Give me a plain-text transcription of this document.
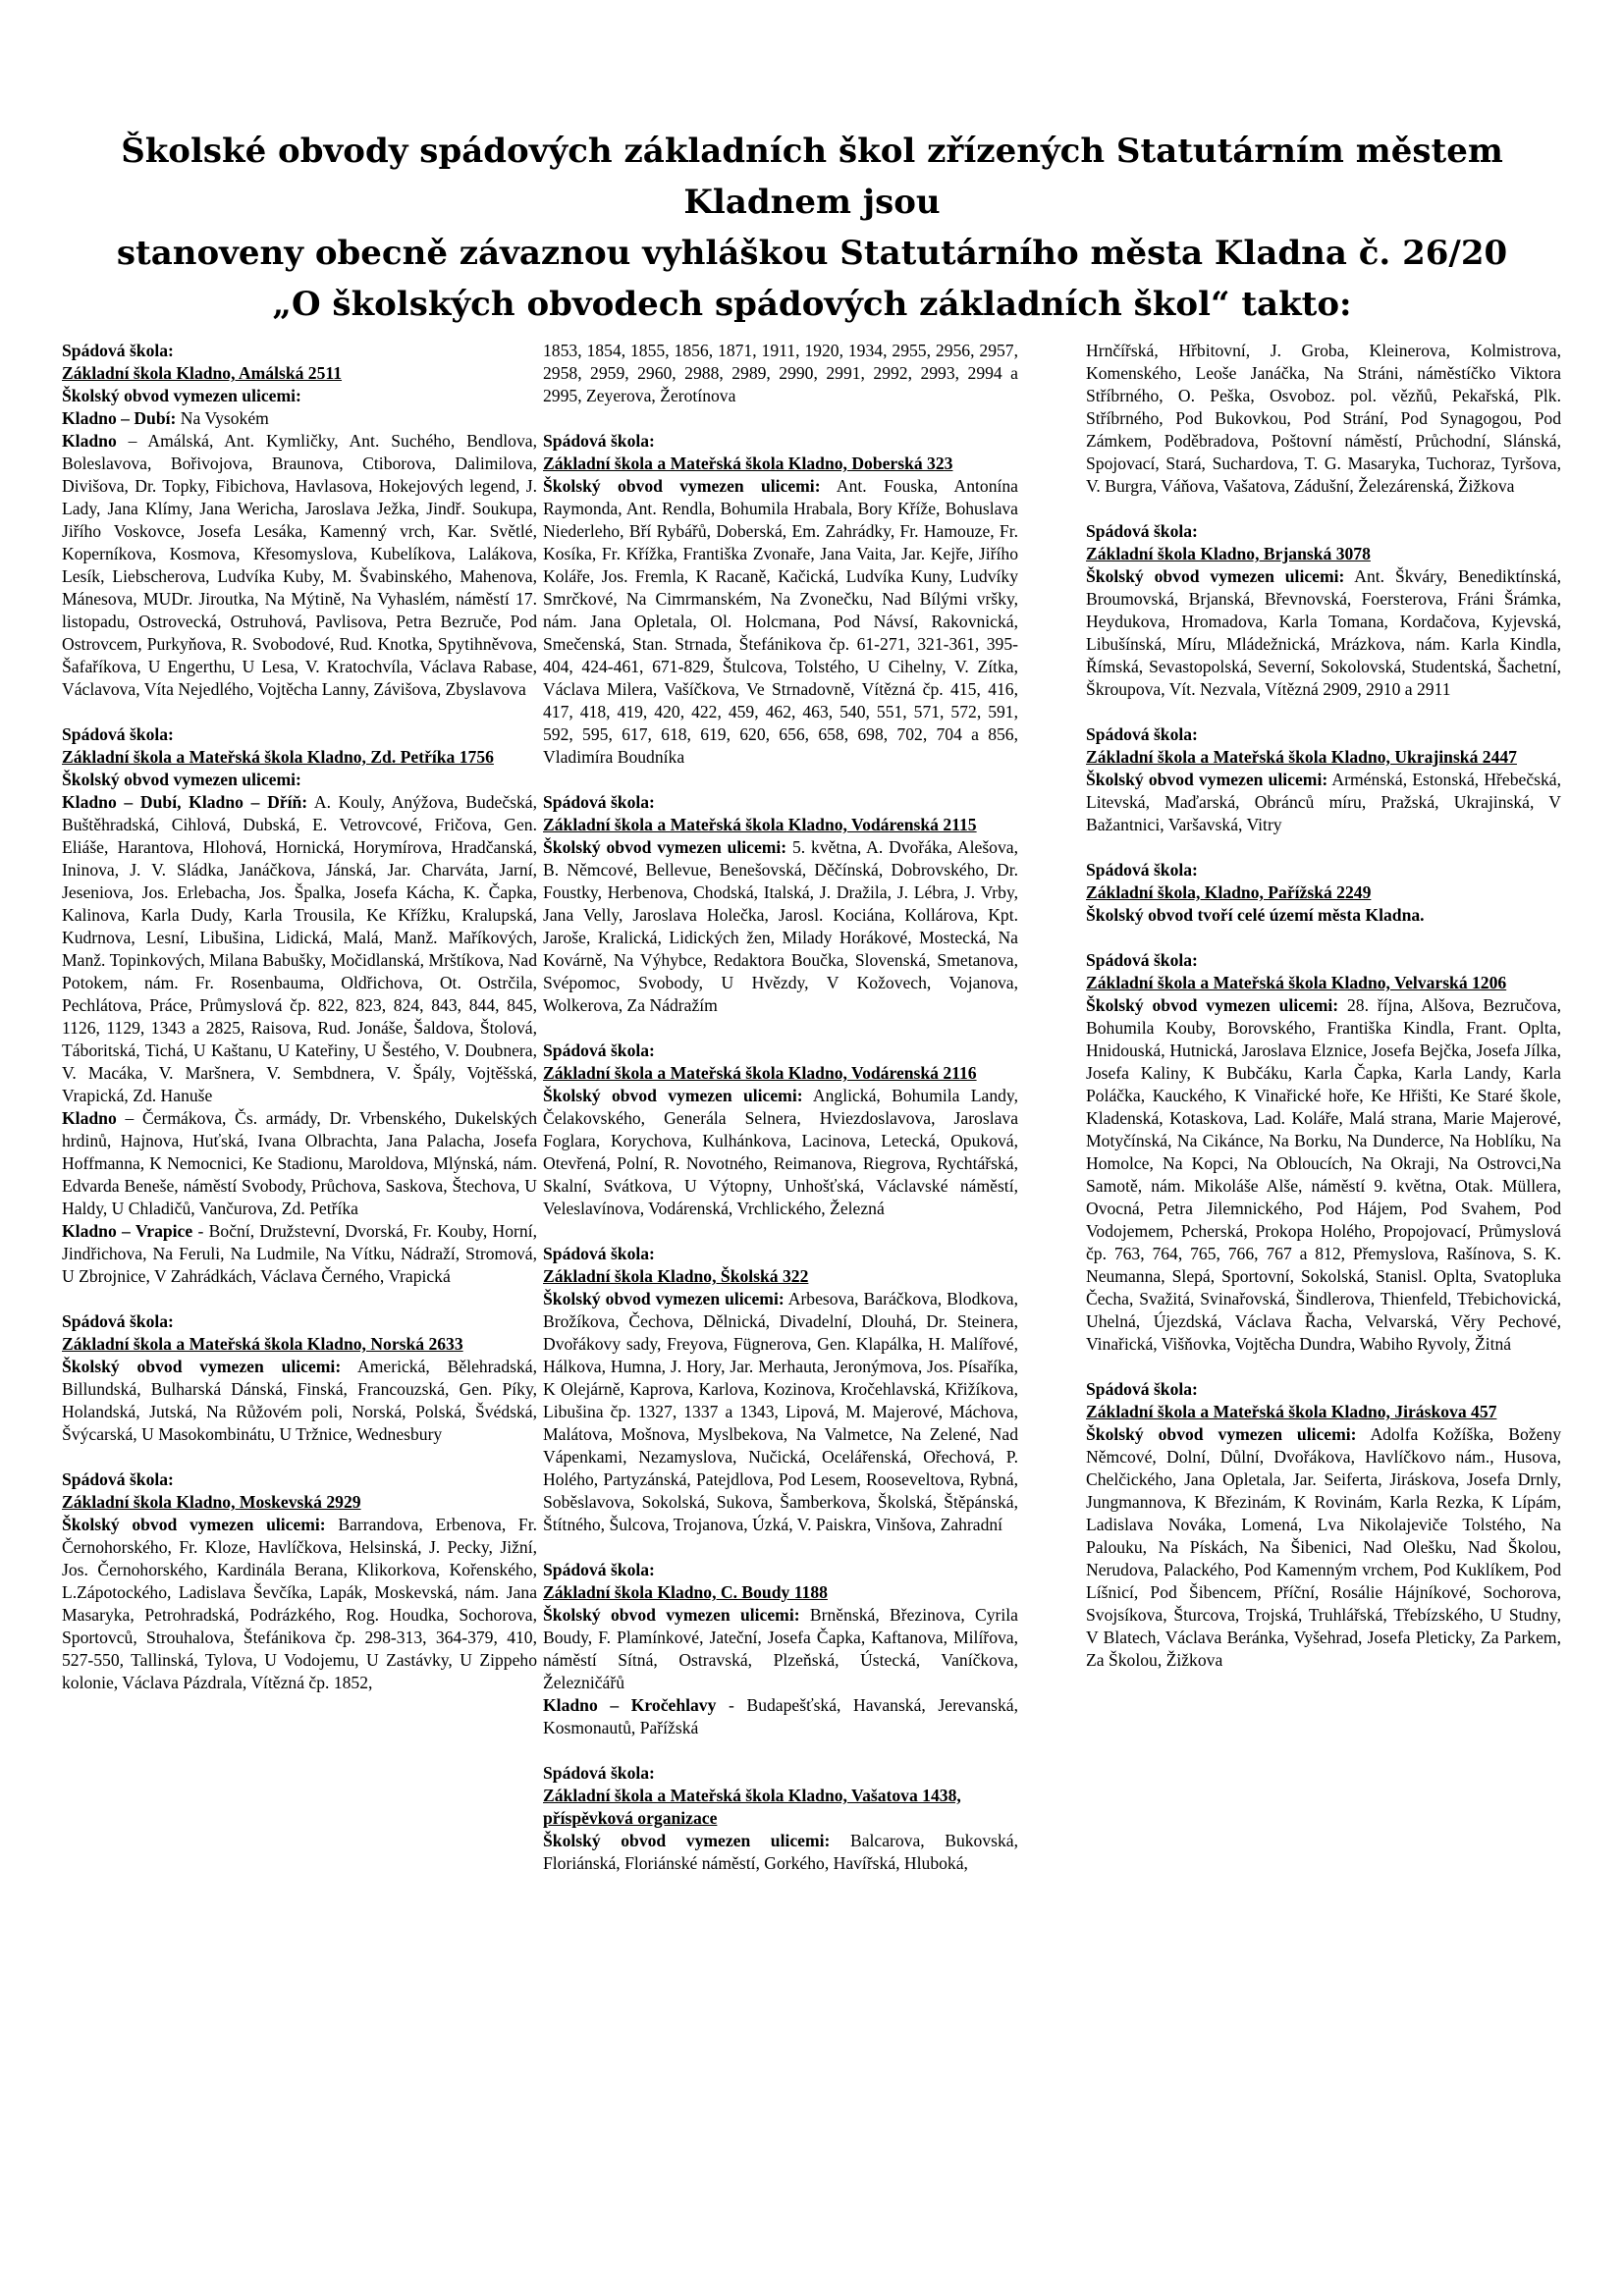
Školské obvody spádových základních škol zřízených Statutárním městem Kladnem jsou
stanoveny obecně závaznou vyhláškou Statutárního města Kladna č. 26/20
„O školských obvodech spádových základních škol“ takto:

Spádová škola:

Základní škola Kladno, Amálská 2511

Školský obvod vymezen ulicemi:

Kladno – Dubí: Na Vysokém

Kladno – Amálská, Ant. Kymličky, Ant. Suchého, Bendlova, Boleslavova, Bořivojova, Braunova, Ctiborova, Dalimilova, Divišova, Dr. Topky, Fibichova, Havlasova, Hokejových legend, J. Lady, Jana Klímy, Jana Wericha, Jaroslava Ježka, Jindř. Soukupa, Jiřího Voskovce, Josefa Lesáka, Kamenný vrch, Kar. Světlé, Koperníkova, Kosmova, Křesomyslova, Kubelíkova, Lalákova, Lesík, Liebscherova, Ludvíka Kuby, M. Švabinského, Mahenova, Mánesova, MUDr. Jiroutka, Na Mýtině, Na Vyhaslém, náměstí 17. listopadu, Ostrovecká, Ostruhová, Pavlisova, Petra Bezruče, Pod Ostrovcem, Purkyňova, R. Svobodové, Rud. Knotka, Spytihněvova, Šafaříkova, U Engerthu, U Lesa, V. Kratochvíla, Václava Rabase, Václavova, Víta Nejedlého, Vojtěcha Lanny, Závišova, Zbyslavova

Spádová škola:

Základní škola a Mateřská škola Kladno, Zd. Petříka 1756

Školský obvod vymezen ulicemi:

Kladno – Dubí, Kladno – Dříň: A. Kouly, Anýžova, Budečská, Buštěhradská, Cihlová, Dubská, E. Vetrovcové, Fričova, Gen. Eliáše, Harantova, Hlohová, Hornická, Horymírova, Hradčanská, Ininova, J. V. Sládka, Janáčkova, Jánská, Jar. Charváta, Jarní, Jeseniova, Jos. Erlebacha, Jos. Špalka, Josefa Kácha, K. Čapka, Kalinova, Karla Dudy, Karla Trousila, Ke Křížku, Kralupská, Kudrnova, Lesní, Libušina, Lidická, Malá, Manž. Maříkových, Manž. Topinkových, Milana Babušky, Močidlanská, Mrštíkova, Nad Potokem, nám. Fr. Rosenbauma, Oldřichova, Ot. Ostrčila, Pechlátova, Práce, Průmyslová čp. 822, 823, 824, 843, 844, 845, 1126, 1129, 1343 a 2825, Raisova, Rud. Jonáše, Šaldova, Štolová, Táboritská, Tichá, U Kaštanu, U Kateřiny, U Šestého, V. Doubnera, V. Macáka, V. Maršnera, V. Sembdnera, V. Špály, Vojtěšská, Vrapická, Zd. Hanuše

Kladno – Čermákova, Čs. armády, Dr. Vrbenského, Dukelských hrdinů, Hajnova, Huťská, Ivana Olbrachta, Jana Palacha, Josefa Hoffmanna, K Nemocnici, Ke Stadionu, Maroldova, Mlýnská, nám. Edvarda Beneše, náměstí Svobody, Průchova, Saskova, Štechova, U Haldy, U Chladičů, Vančurova, Zd. Petříka

Kladno – Vrapice - Boční, Družstevní, Dvorská, Fr. Kouby, Horní, Jindřichova, Na Feruli, Na Ludmile, Na Vítku, Nádraží, Stromová, U Zbrojnice, V Zahrádkách, Václava Černého, Vrapická

Spádová škola:

Základní škola a Mateřská škola Kladno, Norská 2633

Školský obvod vymezen ulicemi: Americká, Bělehradská, Billundská, Bulharská Dánská, Finská, Francouzská, Gen. Píky, Holandská, Jutská, Na Růžovém poli, Norská, Polská, Švédská, Švýcarská, U Masokombinátu, U Tržnice, Wednesbury

Spádová škola:

Základní škola Kladno, Moskevská 2929

Školský obvod vymezen ulicemi: Barrandova, Erbenova, Fr. Černohorského, Fr. Kloze, Havlíčkova, Helsinská, J. Pecky, Jižní, Jos. Černohorského, Kardinála Berana, Klikorkova, Kořenského, L.Zápotockého, Ladislava Ševčíka, Lapák, Moskevská, nám. Jana Masaryka, Petrohradská, Podrázkého, Rog. Houdka, Sochorova, Sportovců, Strouhalova, Štefánikova čp. 298-313, 364-379, 410, 527-550, Tallinská, Tylova, U Vodojemu, U Zastávky, U Zippeho kolonie, Václava Pázdrala, Vítězná čp. 1852,

1853, 1854, 1855, 1856, 1871, 1911, 1920, 1934, 2955, 2956, 2957, 2958, 2959, 2960, 2988, 2989, 2990, 2991, 2992, 2993, 2994 a 2995, Zeyerova, Žerotínova

Spádová škola:

Základní škola a Mateřská škola Kladno, Doberská 323

Školský obvod vymezen ulicemi: Ant. Fouska, Antonína Raymonda, Ant. Rendla, Bohumila Hrabala, Bory Kříže, Bohuslava Niederleho, Bří Rybářů, Doberská, Em. Zahrádky, Fr. Hamouze, Fr. Kosíka, Fr. Křížka, Františka Zvonaře, Jana Vaita, Jar. Kejře, Jiřího Koláře, Jos. Fremla, K Racaně, Kačická, Ludvíka Kuny, Ludvíky Smrčkové, Na Cimrmanském, Na Zvonečku, Nad Bílými vršky, nám. Jana Opletala, Ol. Holcmana, Pod Návsí, Rakovnická, Smečenská, Stan. Strnada, Štefánikova čp. 61-271, 321-361, 395-404, 424-461, 671-829, Štulcova, Tolstého, U Cihelny, V. Zítka, Václava Milera, Vašíčkova, Ve Strnadovně, Vítězná čp. 415, 416, 417, 418, 419, 420, 422, 459, 462, 463, 540, 551, 571, 572, 591, 592, 595, 617, 618, 619, 620, 656, 658, 698, 702, 704 a 856, Vladimíra Boudníka

Spádová škola:

Základní škola a Mateřská škola Kladno, Vodárenská 2115

Školský obvod vymezen ulicemi: 5. května, A. Dvořáka, Alešova, B. Němcové, Bellevue, Benešovská, Děčínská, Dobrovského, Dr. Foustky, Herbenova, Chodská, Italská, J. Dražila, J. Lébra, J. Vrby, Jana Velly, Jaroslava Holečka, Jarosl. Kociána, Kollárova, Kpt. Jaroše, Kralická, Lidických žen, Milady Horákové, Mostecká, Na Kovárně, Na Výhybce, Redaktora Boučka, Slovenská, Smetanova, Svépomoc, Svobody, U Hvězdy, V Kožovech, Vojanova, Wolkerova, Za Nádražím

Spádová škola:

Základní škola a Mateřská škola Kladno, Vodárenská 2116

Školský obvod vymezen ulicemi: Anglická, Bohumila Landy, Čelakovského, Generála Selnera, Hviezdoslavova, Jaroslava Foglara, Korychova, Kulhánkova, Lacinova, Letecká, Opuková, Otevřená, Polní, R. Novotného, Reimanova, Riegrova, Rychtářská, Skalní, Svátkova, U Výtopny, Unhošťská, Václavské náměstí, Veleslavínova, Vodárenská, Vrchlického, Železná

Spádová škola:

Základní škola Kladno, Školská 322

Školský obvod vymezen ulicemi: Arbesova, Baráčkova, Blodkova, Brožíkova, Čechova, Dělnická, Divadelní, Dlouhá, Dr. Steinera, Dvořákovy sady, Freyova, Fügnerova, Gen. Klapálka, H. Malířové, Hálkova, Humna, J. Hory, Jar. Merhauta, Jeronýmova, Jos. Písaříka, K Olejárně, Kaprova, Karlova, Kozinova, Kročehlavská, Křižíkova, Libušina čp. 1327, 1337 a 1343, Lipová, M. Majerové, Máchova, Malátova, Mošnova, Myslbekova, Na Valmetce, Na Zelené, Nad Vápenkami, Nezamyslova, Nučická, Ocelářenská, Ořechová, P. Holého, Partyzánská, Patejdlova, Pod Lesem, Rooseveltova, Rybná, Soběslavova, Sokolská, Sukova, Šamberkova, Školská, Štěpánská, Štítného, Šulcova, Trojanova, Úzká, V. Paiskra, Vinšova, Zahradní

Spádová škola:

Základní škola Kladno, C. Boudy 1188

Školský obvod vymezen ulicemi: Brněnská, Březinova, Cyrila Boudy, F. Plamínkové, Jateční, Josefa Čapka, Kaftanova, Milířova, náměstí Sítná, Ostravská, Plzeňská, Ústecká, Vaníčkova, Železničářů

Kladno – Kročehlavy - Budapešťská, Havanská, Jerevanská, Kosmonautů, Pařížská

Spádová škola:

Základní škola a Mateřská škola Kladno, Vašatova 1438, příspěvková organizace

Školský obvod vymezen ulicemi: Balcarova, Bukovská, Floriánská, Floriánské náměstí, Gorkého, Havířská, Hluboká,

Hrnčířská, Hřbitovní, J. Groba, Kleinerova, Kolmistrova, Komenského, Leoše Janáčka, Na Stráni, náměstíčko Viktora Stříbrného, O. Peška, Osvoboz. pol. vězňů, Pekařská, Plk. Stříbrného, Pod Bukovkou, Pod Strání, Pod Synagogou, Pod Zámkem, Poděbradova, Poštovní náměstí, Průchodní, Slánská, Spojovací, Stará, Suchardova, T. G. Masaryka, Tuchoraz, Tyršova, V. Burgra, Váňova, Vašatova, Zádušní, Železárenská, Žižkova

Spádová škola:

Základní škola Kladno, Brjanská 3078

Školský obvod vymezen ulicemi: Ant. Škváry, Benediktínská, Broumovská, Brjanská, Břevnovská, Foersterova, Fráni Šrámka, Heydukova, Hromadova, Karla Tomana, Kordačova, Kyjevská, Libušínská, Míru, Mládežnická, Mrázkova, nám. Karla Kindla, Římská, Sevastopolská, Severní, Sokolovská, Studentská, Šachetní, Škroupova, Vít. Nezvala, Vítězná 2909, 2910 a 2911

Spádová škola:

Základní škola a Mateřská škola Kladno, Ukrajinská 2447

Školský obvod vymezen ulicemi: Arménská, Estonská, Hřebečská, Litevská, Maďarská, Obránců míru, Pražská, Ukrajinská, V Bažantnici, Varšavská, Vitry

Spádová škola:

Základní škola, Kladno, Pařížská 2249

Školský obvod tvoří celé území města Kladna.

Spádová škola:

Základní škola a Mateřská škola Kladno, Velvarská 1206

Školský obvod vymezen ulicemi: 28. října, Alšova, Bezručova, Bohumila Kouby, Borovského, Františka Kindla, Frant. Oplta, Hnidouská, Hutnická, Jaroslava Elznice, Josefa Bejčka, Josefa Jílka, Josefa Kaliny, K Bubčáku, Karla Čapka, Karla Landy, Karla Poláčka, Kauckého, K Vinařické hoře, Ke Hřišti, Ke Staré škole, Kladenská, Kotaskova, Lad. Koláře, Malá strana, Marie Majerové, Motyčínská, Na Cikánce, Na Borku, Na Dunderce, Na Hoblíku, Na Homolce, Na Kopci, Na Obloucích, Na Okraji, Na Ostrovci,Na Samotě, nám. Mikoláše Alše, náměstí 9. května, Otak. Müllera, Ovocná, Petra Jilemnického, Pod Hájem, Pod Svahem, Pod Vodojemem, Pcherská, Prokopa Holého, Propojovací, Průmyslová čp. 763, 764, 765, 766, 767 a 812, Přemyslova, Rašínova, S. K. Neumanna, Slepá, Sportovní, Sokolská, Stanisl. Oplta, Svatopluka Čecha, Svažitá, Svinařovská, Šindlerova, Thienfeld, Třebichovická, Uhelná, Újezdská, Václava Řacha, Velvarská, Věry Pechové, Vinařická, Višňovka, Vojtěcha Dundra, Wabiho Ryvoly, Žitná

Spádová škola:

Základní škola a Mateřská škola Kladno, Jiráskova 457

Školský obvod vymezen ulicemi: Adolfa Kožíška, Boženy Němcové, Dolní, Důlní, Dvořákova, Havlíčkovo nám., Husova, Chelčického, Jana Opletala, Jar. Seiferta, Jiráskova, Josefa Drnly, Jungmannova, K Březinám, K Rovinám, Karla Rezka, K Lípám, Ladislava Nováka, Lomená, Lva Nikolajeviče Tolstého, Na Palouku, Na Pískách, Na Šibenici, Nad Olešku, Nad Školou, Nerudova, Palackého, Pod Kamenným vrchem, Pod Kuklíkem, Pod Líšnicí, Pod Šibencem, Příční, Rosálie Hájníkové, Sochorova, Svojsíkova, Šturcova, Trojská, Truhlářská, Třebízského, U Studny, V Blatech, Václava Beránka, Vyšehrad, Josefa Pleticky, Za Parkem, Za Školou, Žižkova
